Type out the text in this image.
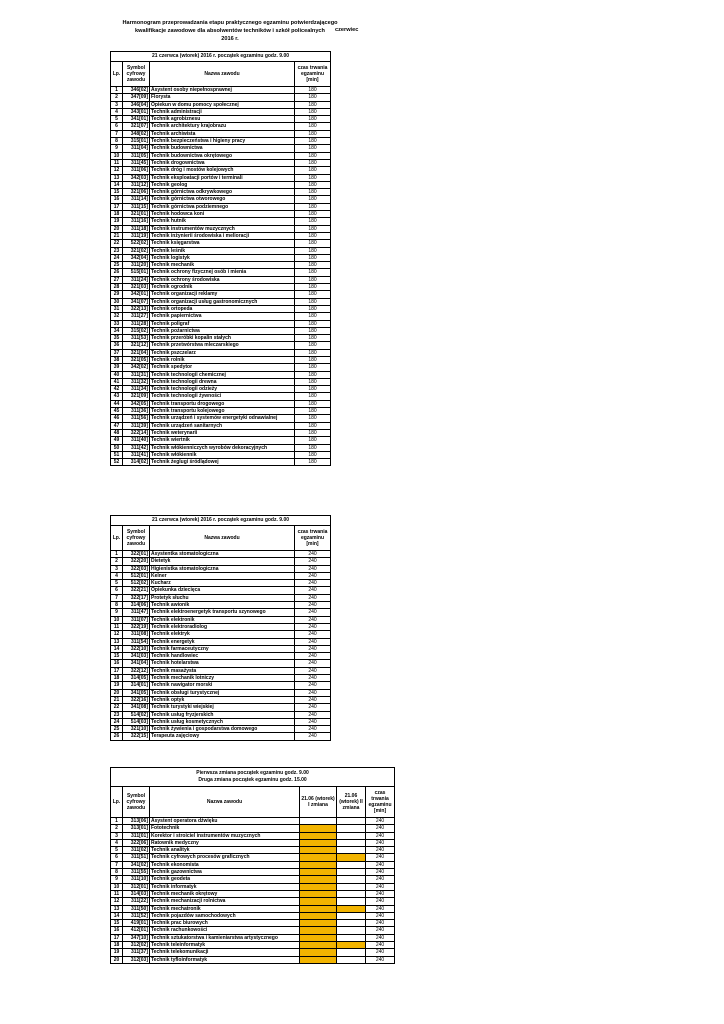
Harmonogram przeprowadzania etapu praktycznego egzaminu potwierdzającego
kwalifikacje zawodowe dla absolwentów techników i szkół policealnych
2016 r.
czerwiec
21 czerwca (wtorek) 2016 r. początek egzaminu godz. 9.00			
Lp.	Symbol cyfrowy zawodu	Nazwa zawodu	czas trwania egzaminu [min]
1	346[02]	Asystent osoby niepełnosprawnej	180
2	347[09]	Florysta	180
3	346[04]	Opiekun w domu pomocy społecznej	180
4	343[01]	Technik administracji	180
5	341[01]	Technik agrobiznesu	180
6	321[07]	Technik architektury krajobrazu	180
7	348[02]	Technik archiwista	180
8	315[01]	Technik bezpieczeństwa i higieny pracy	180
9	311[04]	Technik budownictwa	180
10	311[05]	Technik budownictwa okrętowego	180
11	311[45]	Technik drogownictwa	180
12	311[06]	Technik dróg i mostów kolejowych	180
13	342[03]	Technik eksploatacji portów i terminali	180
14	311[12]	Technik geolog	180
15	321[06]	Technik górnictwa odkrywkowego	180
16	311[14]	Technik górnictwa otworowego	180
17	311[15]	Technik górnictwa podziemnego	180
18	321[01]	Technik hodowca koni	180
19	311[16]	Technik hutnik	180
20	311[18]	Technik instrumentów muzycznych	180
21	311[19]	Technik inżynierii środowiska i melioracji	180
22	522[02]	Technik księgarstwa	180
23	321[02]	Technik leśnik	180
24	342[04]	Technik logistyk	180
25	311[20]	Technik mechanik	180
26	515[01]	Technik ochrony fizycznej osób i mienia	180
27	311[24]	Technik ochrony środowiska	180
28	321[03]	Technik ogrodnik	180
29	342[01]	Technik organizacji reklamy	180
30	341[07]	Technik organizacji usług gastronomicznych	180
31	322[13]	Technik ortopeda	180
32	311[27]	Technik papiernictwa	180
33	311[28]	Technik poligraf	180
34	315[02]	Technik pożarnictwa	180
35	311[53]	Technik przeróbki kopalin stałych	180
36	321[12]	Technik przetwórstwa mleczarskiego	180
37	321[04]	Technik pszczelarz	180
38	321[05]	Technik rolnik	180
39	342[02]	Technik spedytor	180
40	311[31]	Technik technologii chemicznej	180
41	311[32]	Technik technologii drewna	180
42	311[34]	Technik technologii odzieży	180
43	321[09]	Technik technologii żywności	180
44	342[05]	Technik transportu drogowego	180
45	311[36]	Technik transportu kolejowego	180
46	311[56]	Technik urządzeń i systemów energetyki odnawialnej	180
47	311[39]	Technik urządzeń sanitarnych	180
48	322[14]	Technik weterynarii	180
49	311[40]	Technik wiertnik	180
50	311[42]	Technik włókienniczych wyrobów dekoracyjnych	180
51	311[41]	Technik włókiennik	180
52	314[02]	Technik żeglugi śródlądowej	180
21 czerwca (wtorek) 2016 r. początek egzaminu godz. 9.00			
Lp.	Symbol cyfrowy zawodu	Nazwa zawodu	czas trwania egzaminu [min]
1	322[01]	Asystentka stomatologiczna	240
2	322[20]	Dietetyk	240
3	322[03]	Higienistka stomatologiczna	240
4	512[01]	Kelner	240
5	512[02]	Kucharz	240
6	322[21]	Opiekunka dziecięca	240
7	322[17]	Protetyk słuchu	240
8	314[06]	Technik awionik	240
9	311[47]	Technik elektroenergetyk transportu szynowego	240
10	311[07]	Technik elektronik	240
11	322[19]	Technik elektroradiolog	240
12	311[08]	Technik elektryk	240
13	311[54]	Technik energetyk	240
14	322[10]	Technik farmaceutyczny	240
15	341[03]	Technik handlowiec	240
16	341[04]	Technik hotelarstwa	240
17	322[12]	Technik masażysta	240
18	314[05]	Technik mechanik lotniczy	240
19	314[01]	Technik nawigator morski	240
20	341[05]	Technik obsługi turystycznej	240
21	322[16]	Technik optyk	240
22	341[08]	Technik turystyki wiejskiej	240
23	514[02]	Technik usług fryzjerskich	240
24	514[03]	Technik usług kosmetycznych	240
25	321[10]	Technik żywienia i gospodarstwa domowego	240
26	322[15]	Terapeuta zajęciowy	240
Pierwsza zmiana początek egzaminu godz. 9.00
Druga zmiana początek egzaminu godz. 15.00					

Lp.	Symbol cyfrowy zawodu	Nazwa zawodu	21.06 (wtorek) I zmiana	21.06 (wtorek) II zmiana	czas trwania egzaminu [min]
1	313[06]	Asystent operatora dźwięku			240
2	313[01]	Fototechnik			240
3	311[01]	Korektor i stroiciel instrumentów muzycznych			240
4	322[06]	Ratownik medyczny			240
5	311[02]	Technik analityk			240
6	311[51]	Technik cyfrowych procesów graficznych			240
7	341[02]	Technik ekonomista			240
8	311[55]	Technik gazownictwa			240
9	311[10]	Technik geodeta			240
10	312[01]	Technik informatyk			240
11	314[03]	Technik mechanik okrętowy			240
12	311[22]	Technik mechanizacji rolnictwa			240
13	311[50]	Technik mechatronik			240
14	311[52]	Technik pojazdów samochodowych			240
15	419[01]	Technik prac biurowych			240
16	412[01]	Technik rachunkowości			240
17	347[10]	Technik sztukatorstwa i kamieniarstwa artystycznego			240
18	312[02]	Technik teleinformatyk			240
19	311[37]	Technik telekomunikacji			240
20	312[03]	Technik tyfloinformatyk			240
